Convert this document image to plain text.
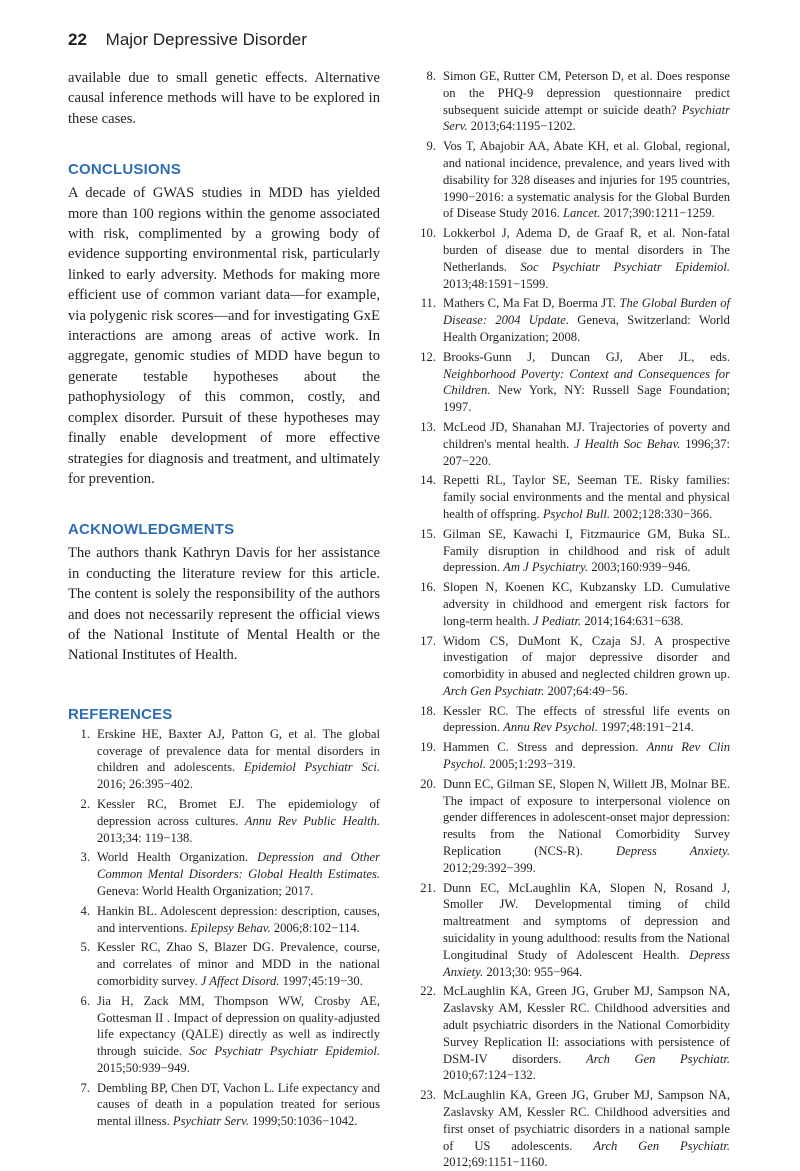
22 Major Depressive Disorder

available due to small genetic effects. Alternative causal inference methods will have to be explored in these cases.

CONCLUSIONS

A decade of GWAS studies in MDD has yielded more than 100 regions within the genome associated with risk, complimented by a growing body of evidence supporting environmental risk, particularly linked to early adversity. Methods for making more efficient use of common variant data—for example, via polygenic risk scores—and for investigating GxE interactions are among areas of active work. In aggregate, genomic studies of MDD have begun to generate testable hypotheses about the pathophysiology of this common, costly, and complex disorder. Pursuit of these hypotheses may finally enable development of more effective strategies for diagnosis and treatment, and ultimately for prevention.

ACKNOWLEDGMENTS

The authors thank Kathryn Davis for her assistance in conducting the literature review for this article. The content is solely the responsibility of the authors and does not necessarily represent the official views of the National Institute of Mental Health or the National Institutes of Health.

REFERENCES
1. Erskine HE, Baxter AJ, Patton G, et al. The global coverage of prevalence data for mental disorders in children and adolescents. Epidemiol Psychiatr Sci. 2016; 26:395−402.
2. Kessler RC, Bromet EJ. The epidemiology of depression across cultures. Annu Rev Public Health. 2013;34: 119−138.
3. World Health Organization. Depression and Other Common Mental Disorders: Global Health Estimates. Geneva: World Health Organization; 2017.
4. Hankin BL. Adolescent depression: description, causes, and interventions. Epilepsy Behav. 2006;8:102−114.
5. Kessler RC, Zhao S, Blazer DG. Prevalence, course, and correlates of minor and MDD in the national comorbidity survey. J Affect Disord. 1997;45:19−30.
6. Jia H, Zack MM, Thompson WW, Crosby AE, Gottesman II . Impact of depression on quality-adjusted life expectancy (QALE) directly as well as indirectly through suicide. Soc Psychiatr Psychiatr Epidemiol. 2015;50:939−949.
7. Dembling BP, Chen DT, Vachon L. Life expectancy and causes of death in a population treated for serious mental illness. Psychiatr Serv. 1999;50:1036−1042.
8. Simon GE, Rutter CM, Peterson D, et al. Does response on the PHQ-9 depression questionnaire predict subsequent suicide attempt or suicide death? Psychiatr Serv. 2013;64:1195−1202.
9. Vos T, Abajobir AA, Abate KH, et al. Global, regional, and national incidence, prevalence, and years lived with disability for 328 diseases and injuries for 195 countries, 1990−2016: a systematic analysis for the Global Burden of Disease Study 2016. Lancet. 2017;390:1211−1259.
10. Lokkerbol J, Adema D, de Graaf R, et al. Non-fatal burden of disease due to mental disorders in The Netherlands. Soc Psychiatr Psychiatr Epidemiol. 2013;48:1591−1599.
11. Mathers C, Ma Fat D, Boerma JT. The Global Burden of Disease: 2004 Update. Geneva, Switzerland: World Health Organization; 2008.
12. Brooks-Gunn J, Duncan GJ, Aber JL, eds. Neighborhood Poverty: Context and Consequences for Children. New York, NY: Russell Sage Foundation; 1997.
13. McLeod JD, Shanahan MJ. Trajectories of poverty and children's mental health. J Health Soc Behav. 1996;37: 207−220.
14. Repetti RL, Taylor SE, Seeman TE. Risky families: family social environments and the mental and physical health of offspring. Psychol Bull. 2002;128:330−366.
15. Gilman SE, Kawachi I, Fitzmaurice GM, Buka SL. Family disruption in childhood and risk of adult depression. Am J Psychiatry. 2003;160:939−946.
16. Slopen N, Koenen KC, Kubzansky LD. Cumulative adversity in childhood and emergent risk factors for long-term health. J Pediatr. 2014;164:631−638.
17. Widom CS, DuMont K, Czaja SJ. A prospective investigation of major depressive disorder and comorbidity in abused and neglected children grown up. Arch Gen Psychiatr. 2007;64:49−56.
18. Kessler RC. The effects of stressful life events on depression. Annu Rev Psychol. 1997;48:191−214.
19. Hammen C. Stress and depression. Annu Rev Clin Psychol. 2005;1:293−319.
20. Dunn EC, Gilman SE, Slopen N, Willett JB, Molnar BE. The impact of exposure to interpersonal violence on gender differences in adolescent-onset major depression: results from the National Comorbidity Survey Replication (NCS-R).	Depress Anxiety. 2012;29:392−399.
21. Dunn EC, McLaughlin KA, Slopen N, Rosand J, Smoller JW. Developmental timing of child maltreatment and symptoms of depression and suicidality in young adulthood: results from the National Longitudinal Study of Adolescent Health. Depress Anxiety. 2013;30: 955−964.
22. McLaughlin KA, Green JG, Gruber MJ, Sampson NA, Zaslavsky AM, Kessler RC. Childhood adversities and adult psychiatric disorders in the National Comorbidity Survey Replication II: associations with persistence of DSM-IV disorders. Arch Gen Psychiatr. 2010;67:124−132.
23. McLaughlin KA, Green JG, Gruber MJ, Sampson NA, Zaslavsky AM, Kessler RC. Childhood adversities and first onset of psychiatric disorders in a national sample of US adolescents. Arch Gen Psychiatr. 2012;69:1151−1160.
